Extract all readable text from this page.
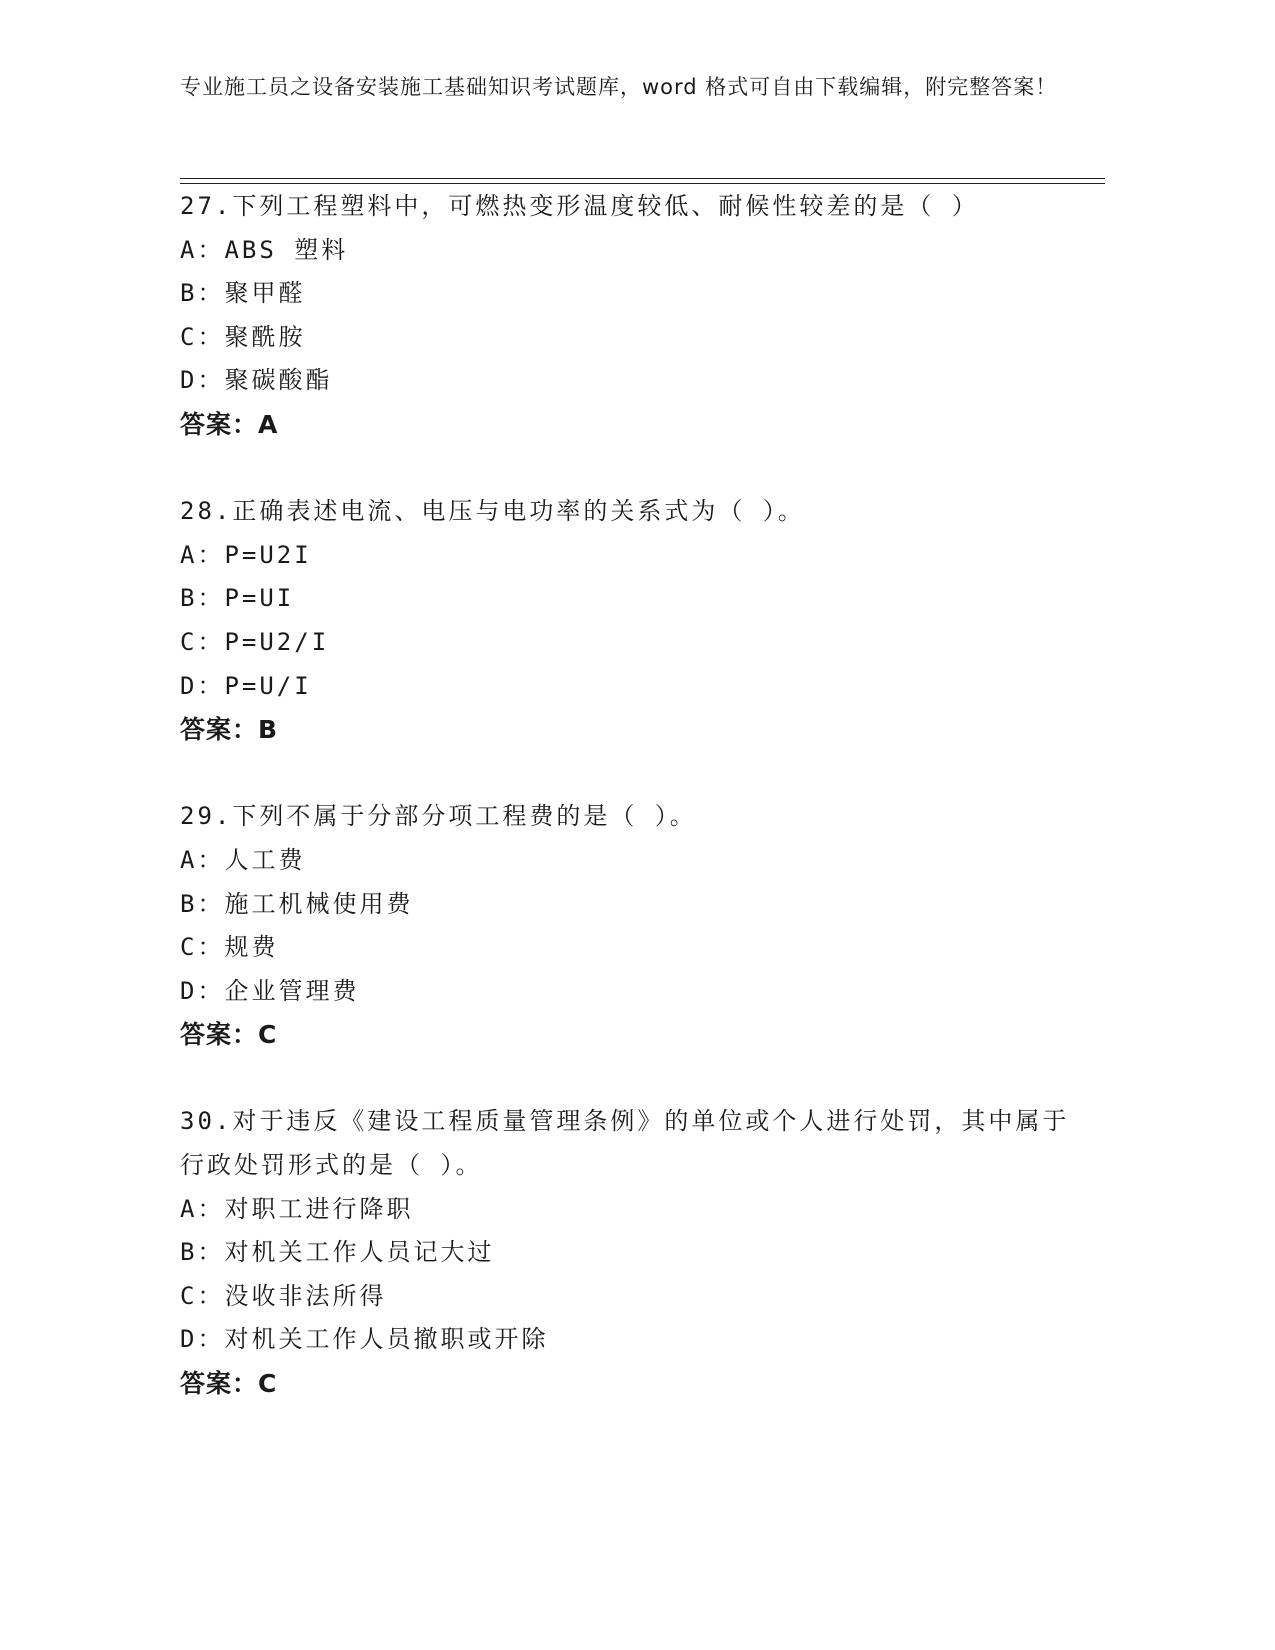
专业施工员之设备安装施工基础知识考试题库，word 格式可自由下载编辑，附完整答案！

27.下列工程塑料中，可燃热变形温度较低、耐候性较差的是（ ）

A：ABS 塑料

B：聚甲醛

C：聚酰胺

D：聚碳酸酯

答案：A

28.正确表述电流、电压与电功率的关系式为（ ）。

A：P=U2I

B：P=UI

C：P=U2/I

D：P=U/I

答案：B

29.下列不属于分部分项工程费的是（ ）。

A：人工费

B：施工机械使用费

C：规费

D：企业管理费

答案：C

30.对于违反《建设工程质量管理条例》的单位或个人进行处罚，其中属于行政处罚形式的是（ ）。

A：对职工进行降职

B：对机关工作人员记大过

C：没收非法所得

D：对机关工作人员撤职或开除

答案：C
